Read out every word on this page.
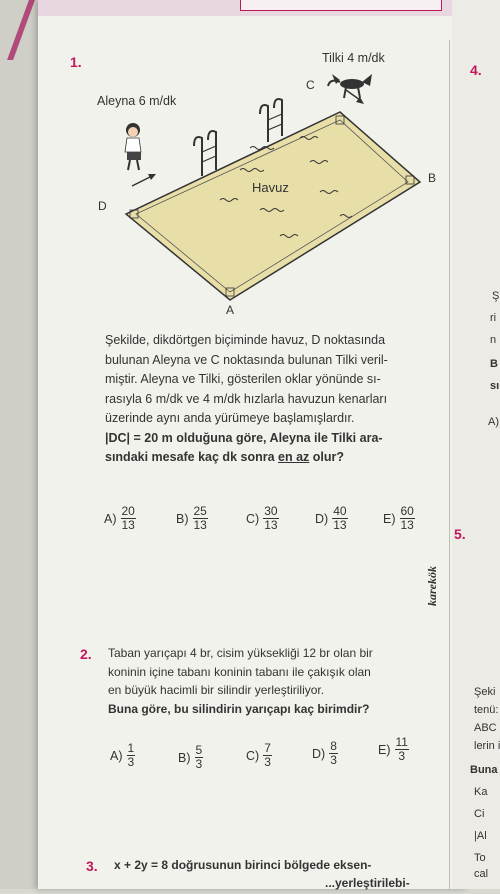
1.	Tilki 4 m/dk
Aleyna 6 m/dk
Havuz
C
B
D
A
Şekilde, dikdörtgen biçiminde havuz, D noktasında
bulunan Aleyna ve C noktasında bulunan Tilki veril-
miştir. Aleyna ve Tilki, gösterilen oklar yönünde sı-
rasıyla 6 m/dk ve 4 m/dk hızlarla havuzun kenarları
üzerinde aynı anda yürümeye başlamışlardır.
|DC| = 20 m olduğuna göre, Aleyna ile Tilki ara-
sındaki mesafe kaç dk sonra en az olur?
$A) \frac{20}{13}$	$B) \frac{25}{13}$	$C) \frac{30}{13}$	$D) \frac{40}{13}$	$E) \frac{60}{13}$
karekök
2. Taban yarıçapı 4 br, cisim yüksekliği 12 br olan bir
koninin içine tabanı koninin tabanı ile çakışık olan
en büyük hacimli bir silindir yerleştiriliyor.
Buna göre, bu silindirin yarıçapı kaç birimdir?
$A) \frac{1}{3}$	$B) \frac{5}{3}$	$C) \frac{7}{3}$	$D) \frac{8}{3}$	$E) \frac{11}{3}$
3. x + 2y = 8 doğrusunun birinci bölgede eksen-
...yerleştirilebi-
4.
5.
Ş
ri
n
B
sı
A)
Şeki
tenü:
ABC
lerin i
Buna
Ka
Ci
|Al
To
cal
